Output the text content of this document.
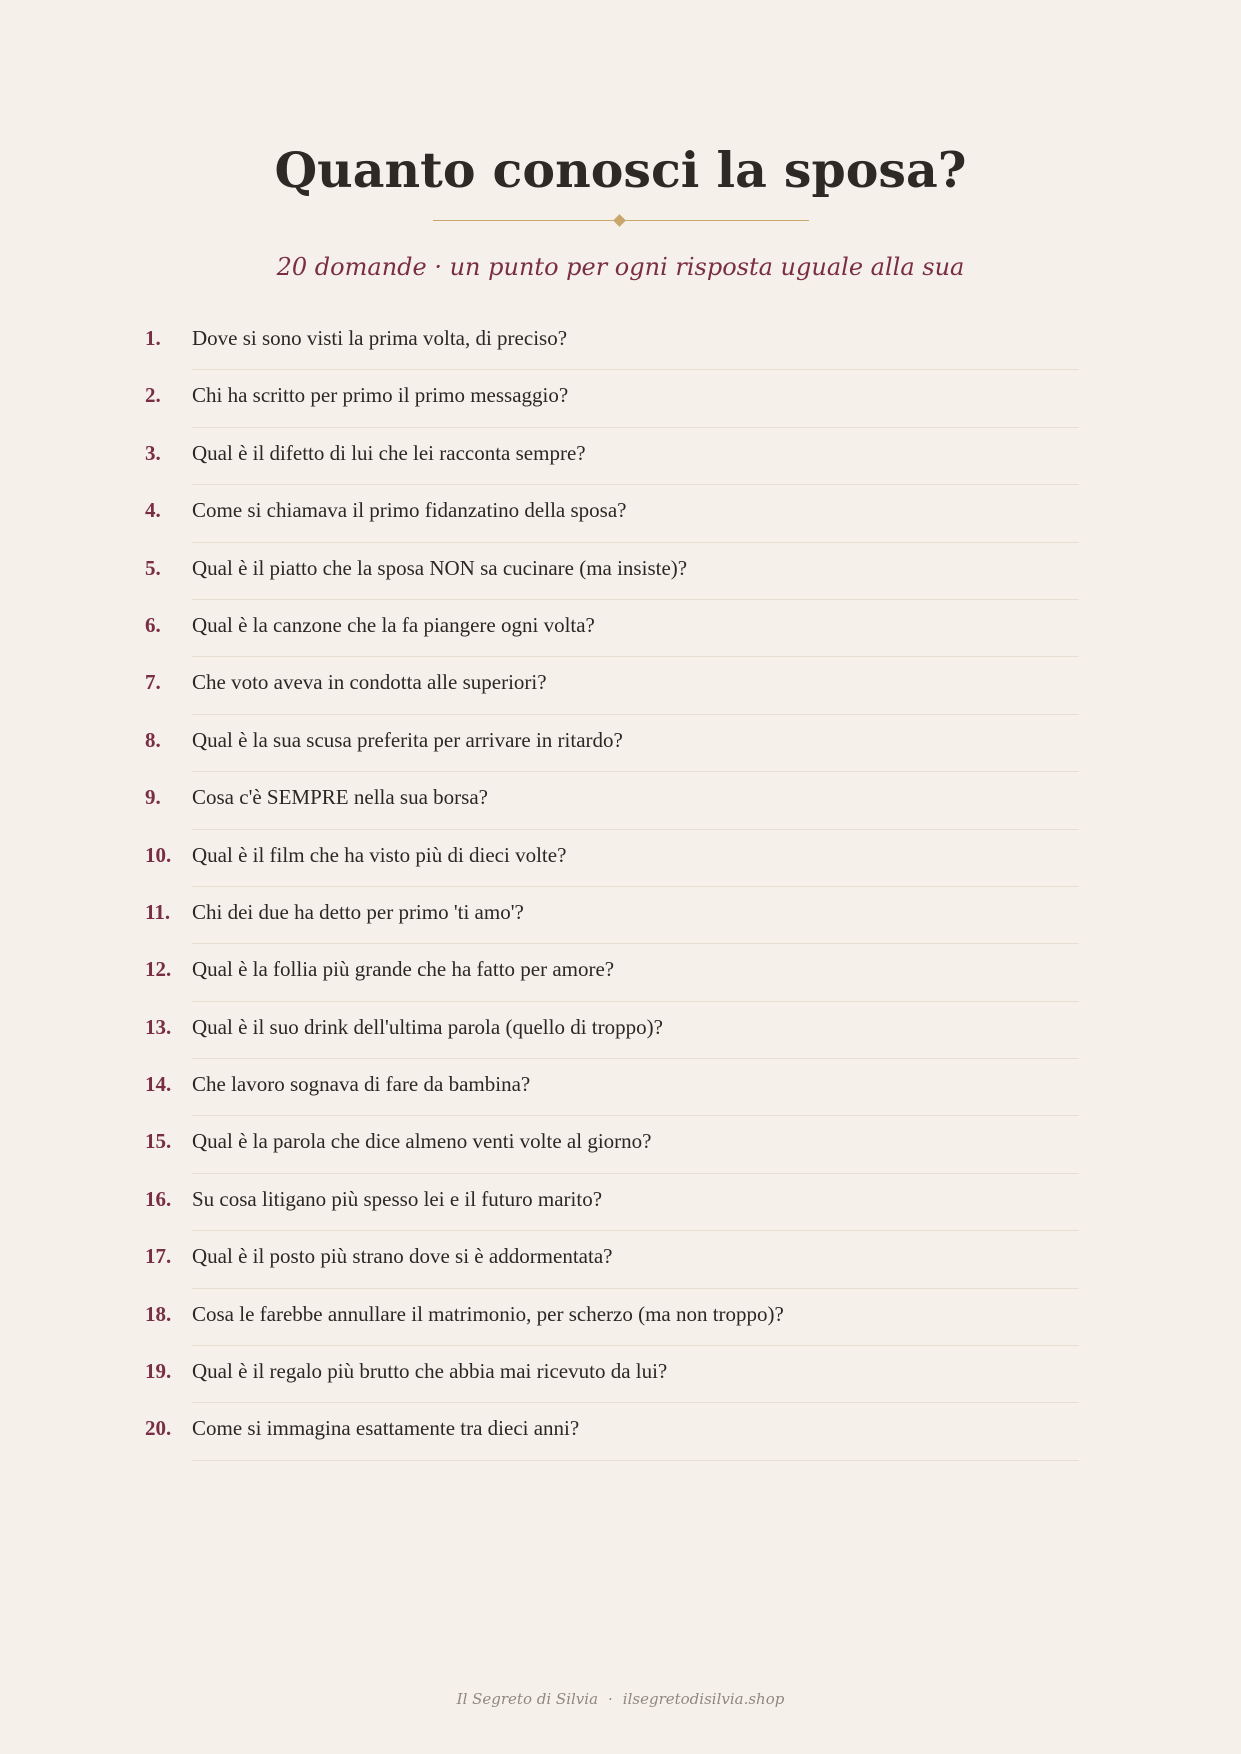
Quanto conosci la sposa?
20 domande · un punto per ogni risposta uguale alla sua
1. Dove si sono visti la prima volta, di preciso?
2. Chi ha scritto per primo il primo messaggio?
3. Qual è il difetto di lui che lei racconta sempre?
4. Come si chiamava il primo fidanzatino della sposa?
5. Qual è il piatto che la sposa NON sa cucinare (ma insiste)?
6. Qual è la canzone che la fa piangere ogni volta?
7. Che voto aveva in condotta alle superiori?
8. Qual è la sua scusa preferita per arrivare in ritardo?
9. Cosa c'è SEMPRE nella sua borsa?
10. Qual è il film che ha visto più di dieci volte?
11. Chi dei due ha detto per primo 'ti amo'?
12. Qual è la follia più grande che ha fatto per amore?
13. Qual è il suo drink dell'ultima parola (quello di troppo)?
14. Che lavoro sognava di fare da bambina?
15. Qual è la parola che dice almeno venti volte al giorno?
16. Su cosa litigano più spesso lei e il futuro marito?
17. Qual è il posto più strano dove si è addormentata?
18. Cosa le farebbe annullare il matrimonio, per scherzo (ma non troppo)?
19. Qual è il regalo più brutto che abbia mai ricevuto da lui?
20. Come si immagina esattamente tra dieci anni?
Il Segreto di Silvia · ilsegretodisilvia.shop
